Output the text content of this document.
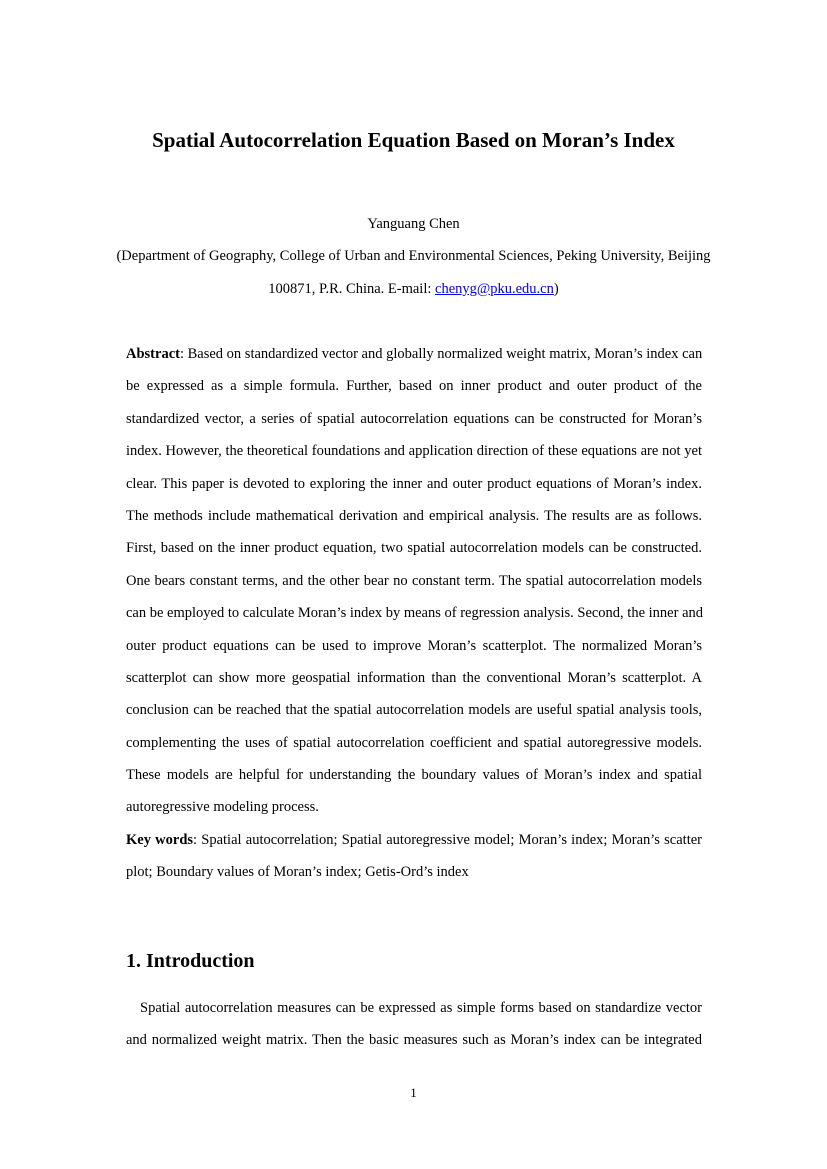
Spatial Autocorrelation Equation Based on Moran’s Index
Yanguang Chen
(Department of Geography, College of Urban and Environmental Sciences, Peking University, Beijing
100871, P.R. China. E-mail: chenyg@pku.edu.cn)
Abstract: Based on standardized vector and globally normalized weight matrix, Moran’s index can
be expressed as a simple formula. Further, based on inner product and outer product of the
standardized vector, a series of spatial autocorrelation equations can be constructed for Moran’s
index. However, the theoretical foundations and application direction of these equations are not yet
clear. This paper is devoted to exploring the inner and outer product equations of Moran’s index.
The methods include mathematical derivation and empirical analysis. The results are as follows.
First, based on the inner product equation, two spatial autocorrelation models can be constructed.
One bears constant terms, and the other bear no constant term. The spatial autocorrelation models
can be employed to calculate Moran’s index by means of regression analysis. Second, the inner and
outer product equations can be used to improve Moran’s scatterplot. The normalized Moran’s
scatterplot can show more geospatial information than the conventional Moran’s scatterplot. A
conclusion can be reached that the spatial autocorrelation models are useful spatial analysis tools,
complementing the uses of spatial autocorrelation coefficient and spatial autoregressive models.
These models are helpful for understanding the boundary values of Moran’s index and spatial
autoregressive modeling process.
Key words: Spatial autocorrelation; Spatial autoregressive model; Moran’s index; Moran’s scatter
plot; Boundary values of Moran’s index; Getis-Ord’s index
1. Introduction
Spatial autocorrelation measures can be expressed as simple forms based on standardize vector
and normalized weight matrix. Then the basic measures such as Moran’s index can be integrated
1
